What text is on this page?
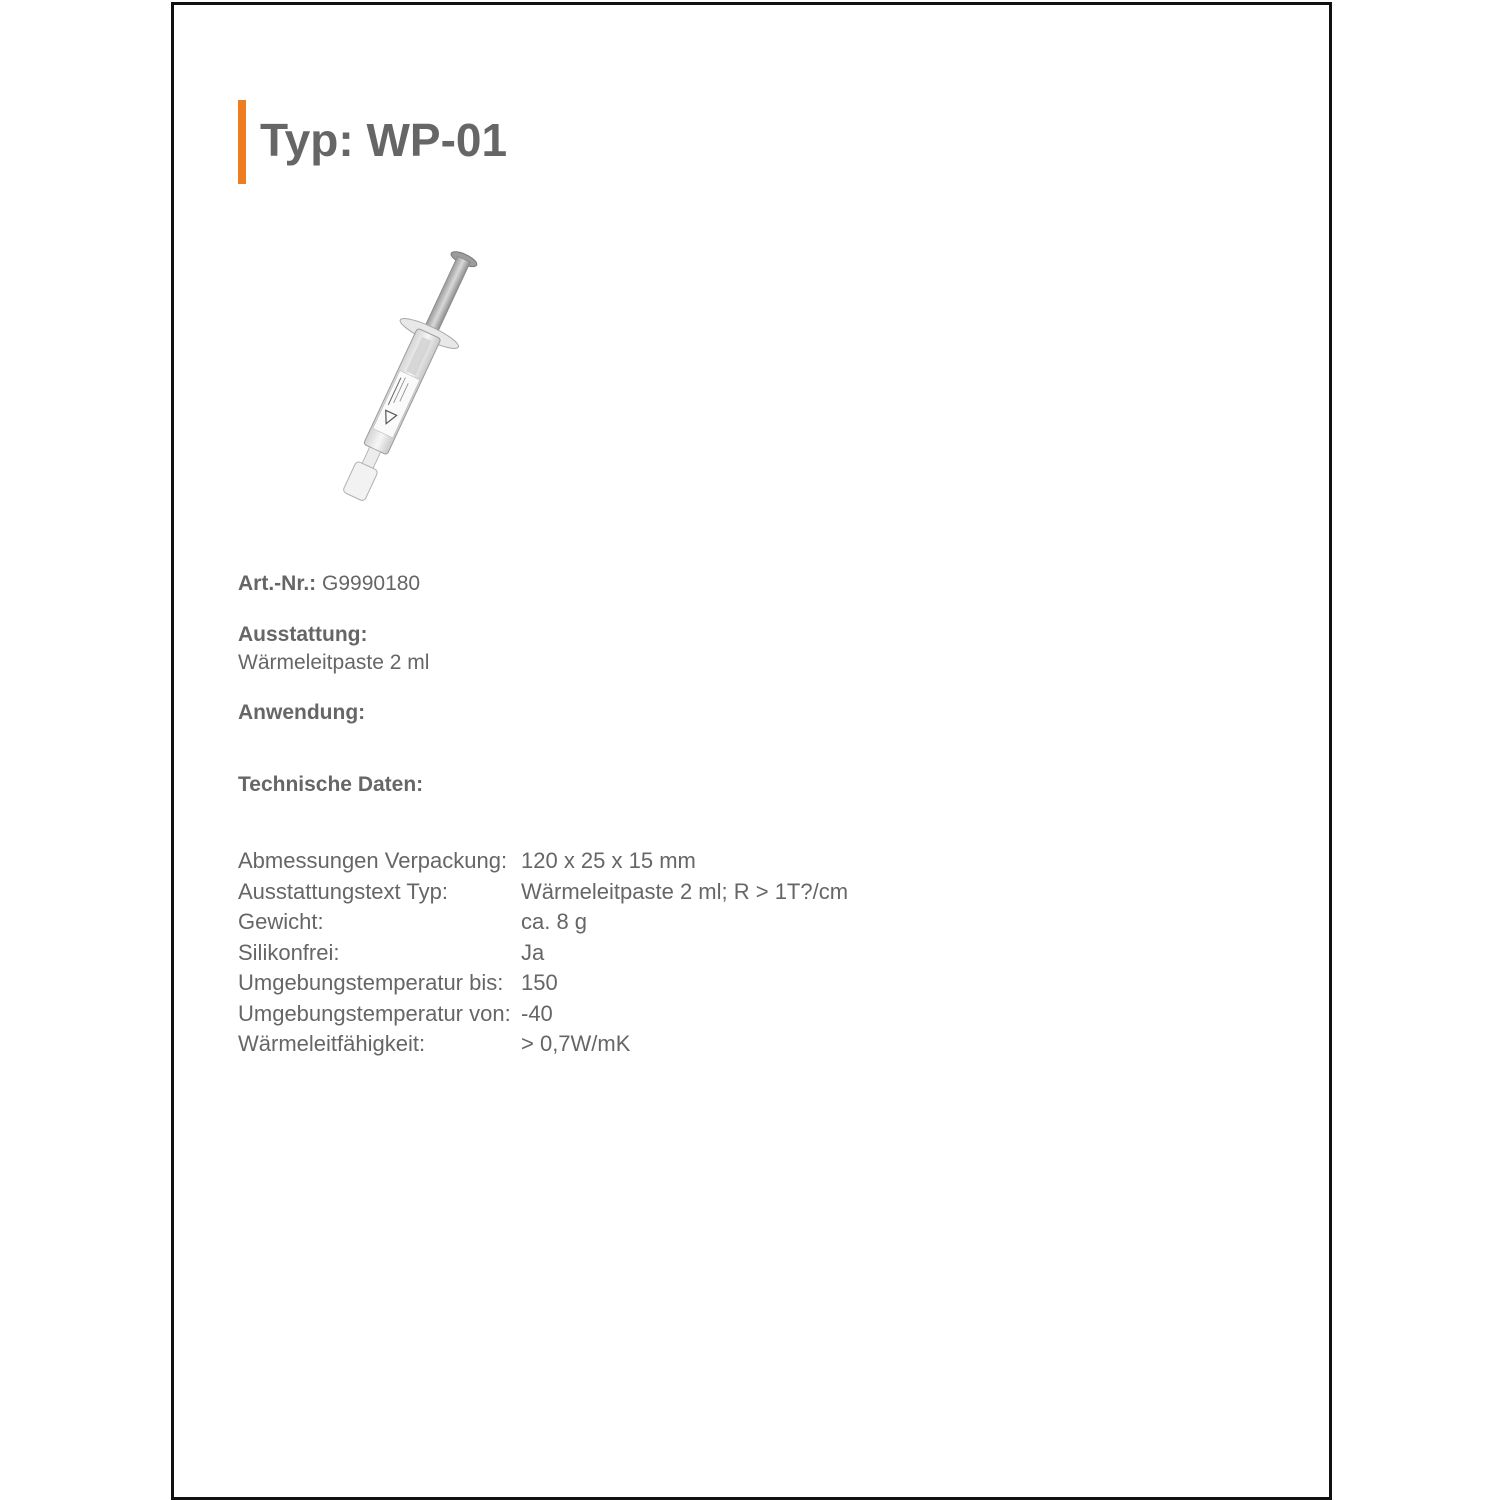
Typ: WP-01
Art.-Nr.: G9990180
Ausstattung:
Wärmeleitpaste 2 ml
Anwendung:
Technische Daten:
Abmessungen Verpackung:	120 x 25 x 15 mm
Ausstattungstext Typ:	Wärmeleitpaste 2 ml; R > 1T?/cm
Gewicht:	ca. 8 g
Silikonfrei:	Ja
Umgebungstemperatur bis:	150
Umgebungstemperatur von:	-40
Wärmeleitfähigkeit:	> 0,7W/mK
